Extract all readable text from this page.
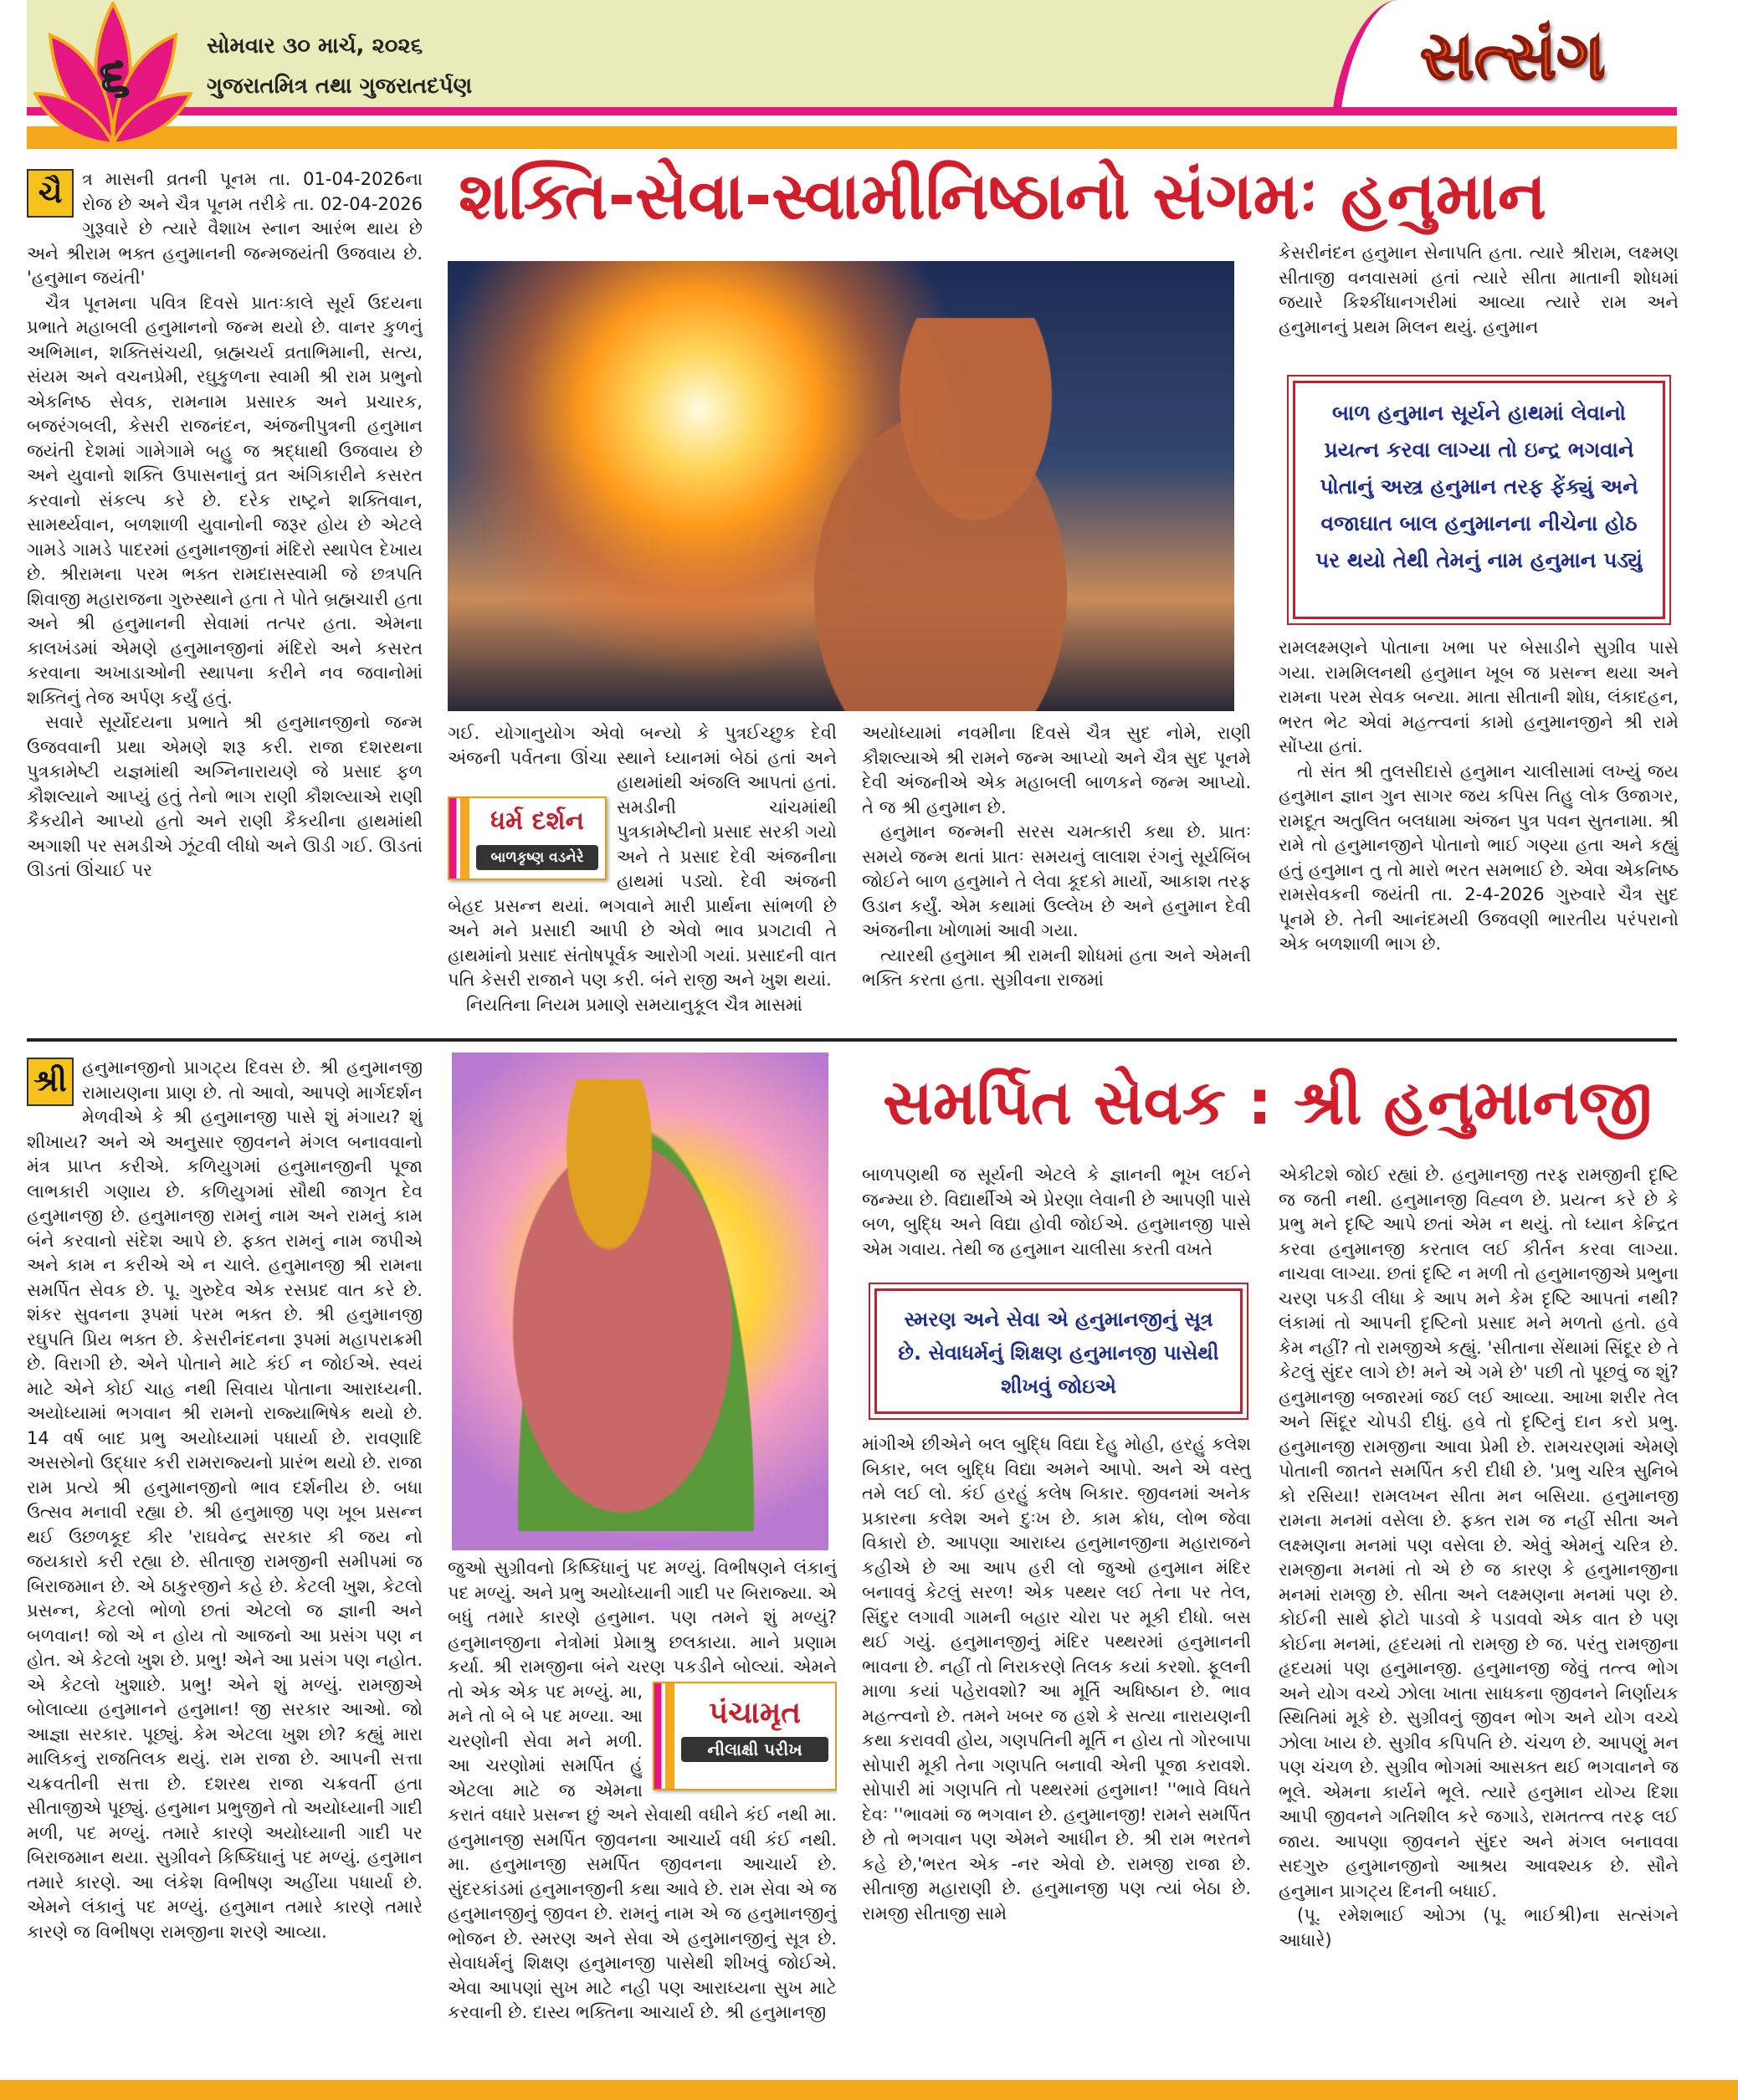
૬	સોમવાર ૩૦ માર્ચ, ૨૦૨૬
ગુજરાતમિત્ર તથા ગુજરાતદર્પણ	સત્સંગ
શક્તિ-સેવા-સ્વામીનિષ્ઠાનો સંગમઃ હનુમાન
ચૈ	ત્ર માસની વ્રતની પૂનમ તા. 01-04-2026ના રોજ છે અને ચૈત્ર પૂનમ તરીકે તા. 02-04-2026 ગુરૂવારે છે ત્યારે વૈશાખ સ્નાન આરંભ થાય છે અને શ્રીરામ ભક્ત હનુમાનની જન્મજયંતી ઉજવાય છે. 'હનુમાન જયંતી'

ચૈત્ર પૂનમના પવિત્ર દિવસે પ્રાતઃકાલે સૂર્ય ઉદયના પ્રભાતે મહાબલી હનુમાનનો જન્મ થયો છે. વાનર કુળનું અભિમાન, શક્તિસંચયી, બ્રહ્મચર્ય વ્રતાભિમાની, સત્ય, સંયમ અને વચનપ્રેમી, રઘુકુળના સ્વામી શ્રી રામ પ્રભુનો એકનિષ્ઠ સેવક, રામનામ પ્રસારક અને પ્રચારક, બજરંગબલી, કેસરી રાજનંદન, અંજનીપુત્રની હનુમાન જયંતી દેશમાં ગામેગામે બહુ જ શ્રદ્ધાથી ઉજવાય છે અને યુવાનો શક્તિ ઉપાસનાનું વ્રત અંગિકારીને કસરત કરવાનો સંકલ્પ કરે છે. દરેક રાષ્ટ્રને શક્તિવાન, સામર્થ્યવાન, બળશાળી યુવાનોની જરૂર હોય છે એટલે ગામડે ગામડે પાદરમાં હનુમાનજીનાં મંદિરો સ્થાપેલ દેખાય છે. શ્રીરામના પરમ ભક્ત રામદાસસ્વામી જે છત્રપતિ શિવાજી મહારાજના ગુરુસ્થાને હતા તે પોતે બ્રહ્મચારી હતા અને શ્રી હનુમાનની સેવામાં તત્પર હતા. એમના કાલખંડમાં એમણે હનુમાનજીનાં મંદિરો અને કસરત કરવાના અખાડાઓની સ્થાપના કરીને નવ જવાનોમાં શક્તિનું તેજ અર્પણ કર્યું હતું.

સવારે સૂર્યોદયના પ્રભાતે શ્રી હનુમાનજીનો જન્મ ઉજવવાની પ્રથા એમણે શરૂ કરી. રાજા દશરથના પુત્રકામેષ્ટી યજ્ઞમાંથી અગ્નિનારાયણે જે પ્રસાદ ફળ કૌશલ્યાને આપ્યું હતું તેનો ભાગ રાણી કૌશલ્યાએ રાણી કૈકયીને આપ્યો હતો અને રાણી કૈકયીના હાથમાંથી અગાશી પર સમડીએ ઝૂંટવી લીધો અને ઊડી ગઈ. ઊડતાં ઊડતાં ઊંચાઈ પર

ધર્મ દર્શન
બાળકૃષ્ણ વડનેરે

ગઈ. યોગાનુયોગ એવો બન્યો કે પુત્રઈચ્છુક દેવી અંજની પર્વતના ઊંચા સ્થાને ધ્યાનમાં બેઠાં હતાં અને હાથમાંથી અંજલિ આપતાં હતાં. સમડીની ચાંચમાંથી પુત્રકામેષ્ટીનો પ્રસાદ સરકી ગયો અને તે પ્રસાદ દેવી અંજનીના હાથમાં પડ્યો. દેવી અંજની બેહદ પ્રસન્ન થયાં. ભગવાને મારી પ્રાર્થના સાંભળી છે અને મને પ્રસાદી આપી છે એવો ભાવ પ્રગટાવી તે હાથમાંનો પ્રસાદ સંતોષપૂર્વક આરોગી ગયાં. પ્રસાદની વાત પતિ કેસરી રાજાને પણ કરી. બંને રાજી અને ખુશ થયાં.

નિયતિના નિયમ પ્રમાણે સમયાનુકૂલ ચૈત્ર માસમાં

અયોધ્યામાં નવમીના દિવસે ચૈત્ર સુદ નોમે, રાણી કૌશલ્યાએ શ્રી રામને જન્મ આપ્યો અને ચૈત્ર સુદ પૂનમે દેવી અંજનીએ એક મહાબલી બાળકને જન્મ આપ્યો. તે જ શ્રી હનુમાન છે.

હનુમાન જન્મની સરસ ચમત્કારી કથા છે. પ્રાતઃ સમયે જન્મ થતાં પ્રાતઃ સમયનું લાલાશ રંગનું સૂર્યબિંબ જોઈને બાળ હનુમાને તે લેવા કૂદકો માર્યો, આકાશ તરફ ઉડાન કર્યું. એમ કથામાં ઉલ્લેખ છે અને હનુમાન દેવી અંજનીના ખોળામાં આવી ગયા.

ત્યારથી હનુમાન શ્રી રામની શોધમાં હતા અને એમની ભક્તિ કરતા હતા. સુગ્રીવના રાજમાં

કેસરીનંદન હનુમાન સેનાપતિ હતા. ત્યારે શ્રીરામ, લક્ષ્મણ સીતાજી વનવાસમાં હતાં ત્યારે સીતા માતાની શોધમાં જયારે કિશ્કીંધાનગરીમાં આવ્યા ત્યારે રામ અને હનુમાનનું પ્રથમ મિલન થયું. હનુમાન

બાળ હનુમાન સૂર્યને હાથમાં લેવાનો પ્રયત્ન કરવા લાગ્યા તો ઇન્દ્ર ભગવાને પોતાનું અસ્ત્ર હનુમાન તરફ ફેંક્યું અને વજાઘાત બાલ હનુમાનના નીચેના હોઠ પર થયો તેથી તેમનું નામ હનુમાન પડ્યું

રામલક્ષ્મણને પોતાના ખભા પર બેસાડીને સુગ્રીવ પાસે ગયા. રામમિલનથી હનુમાન ખૂબ જ પ્રસન્ન થયા અને રામના પરમ સેવક બન્યા. માતા સીતાની શોધ, લંકાદહન, ભરત ભેટ એવાં મહત્ત્વનાં કામો હનુમાનજીને શ્રી રામે સોંપ્યા હતાં.

તો સંત શ્રી તુલસીદાસે હનુમાન ચાલીસામાં લખ્યું જય હનુમાન જ્ઞાન ગુન સાગર જય કપિસ તિહુ લોક ઉજાગર, રામદૂત અતુલિત બલધામા અંજન પુત્ર પવન સુતનામા. શ્રી રામે તો હનુમાનજીને પોતાનો ભાઈ ગણ્યા હતા અને કહ્યું હતું હનુમાન તુ તો મારો ભરત સમભાઈ છે. એવા એકનિષ્ઠ રામસેવકની જયંતી તા. 2-4-2026 ગુરુવારે ચૈત્ર સુદ પૂનમે છે. તેની આનંદમયી ઉજવણી ભારતીય પરંપરાનો એક બળશાળી ભાગ છે.

શ્રી હનુમાનજીનો પ્રાગટ્ય દિવસ છે. શ્રી હનુમાનજી રામાયણના પ્રાણ છે. તો આવો, આપણે માર્ગદર્શન મેળવીએ કે શ્રી હનુમાનજી પાસે શું મંગાય? શું શીખાય? અને એ અનુસાર જીવનને મંગલ બનાવવાનો મંત્ર પ્રાપ્ત કરીએ. કળિયુગમાં હનુમાનજીની પૂજા લાભકારી ગણાય છે. કળિયુગમાં સૌથી જાગૃત દેવ હનુમાનજી છે. હનુમાનજી રામનું નામ અને રામનું કામ બંને કરવાનો સંદેશ આપે છે. ફક્ત રામનું નામ જપીએ અને કામ ન કરીએ એ ન ચાલે. હનુમાનજી શ્રી રામના સમર્પિત સેવક છે. પૂ. ગુરુદેવ એક રસપ્રદ વાત કરે છે. શંકર સુવનના રૂપમાં પરમ ભક્ત છે. શ્રી હનુમાનજી રઘુપતિ પ્રિય ભક્ત છે. કેસરીનંદનના રૂપમાં મહાપરાક્રમી છે. વિરાગી છે. એને પોતાને માટે કંઈ ન જોઈએ. સ્વયં માટે એને કોઈ ચાહ નથી સિવાય પોતાના આરાધ્યની. અયોધ્યામાં ભગવાન શ્રી રામનો રાજ્યાભિષેક થયો છે. 14 વર્ષ બાદ પ્રભુ અયોધ્યામાં પધાર્યા છે. રાવણાદિ અસરુોનો ઉદ્ધાર કરી રામરાજ્યનો પ્રારંભ થયો છે. રાજા રામ પ્રત્યે શ્રી હનુમાનજીનો ભાવ દર્શનીય છે. બધા ઉત્સવ મનાવી રહ્યા છે. શ્રી હનુમાજી પણ ખૂબ પ્રસન્ન થઈ ઉછળકૂદ કીર 'રાઘવેન્દ્ર સરકાર કી જય નો જયકારો કરી રહ્યા છે. સીતાજી રામજીની સમીપમાં જ બિરાજમાન છે. એ ઠાકુરજીને કહે છે. કેટલી ખુશ, કેટલો પ્રસન્ન, કેટલો ભોળો છતાં એટલો જ જ્ઞાની અને બળવાન! જો એ ન હોય તો આજનો આ પ્રસંગ પણ ન હોત. એ કેટલો ખુશ છે. પ્રભુ! એને આ પ્રસંગ પણ નહોત. એ કેટલો ખુશાછે. પ્રભુ! એને શું મળ્યું. રામજીએ બોલાવ્યા હનુમાનને હનુમાન! જી સરકાર આઓ. જો આજ્ઞા સરકાર. પૂછ્યું. કેમ એટલા ખુશ છો? કહ્યું મારા માલિકનું રાજતિલક થયું. રામ રાજા છે. આપની સત્તા ચક્રવતીની સત્તા છે. દશરથ રાજા ચક્રવર્તી હતા સીતાજીએ પૂછ્યું. હનુમાન પ્રભુજીને તો અયોધ્યાની ગાદી મળી, પદ મળ્યું. તમારે કારણે અયોધ્યાની ગાદી પર બિરાજમાન થયા. સુગ્રીવને કિષ્કિંધાનું પદ મળ્યું. હનુમાન તમારે કારણે. આ લંકેશ વિભીષણ અહીંયા પધાર્યા છે. એમને લંકાનું પદ મળ્યું. હનુમાન તમારે કારણે તમારે કારણે જ વિભીષણ રામજીના શરણે આવ્યા.

સમર્પિત સેવક : શ્રી હનુમાનજી
પંચામૃત
નીલાક્ષી પરીખ

જુઓ સુગ્રીવનો કિષ્કિંધાનું પદ મળ્યું. વિભીષણને લંકાનું પદ મળ્યું. અને પ્રભુ અયોધ્યાની ગાદી પર બિરાજ્યા. એ બધું તમારે કારણે હનુમાન. પણ તમને શું મળ્યું? હનુમાનજીના નેત્રોમાં પ્રેમાશ્રુ છલકાયા. માને પ્રણામ કર્યા. શ્રી રામજીના બંને ચરણ પકડીને બોલ્યાં. એમને તો એક એક પદ મળ્યું. મા, મને તો બે બે પદ મળ્યા. આ ચરણોની સેવા મને મળી. આ ચરણોમાં સમર્પિત હું એટલા માટે જ એમના કરાતં વધારે પ્રસન્ન છું અને સેવાથી વધીને કંઈ નથી મા. હનુમાનજી સમર્પિત જીવનના આચાર્ય વધી કંઈ નથી. મા. હનુમાનજી સમર્પિત જીવનના આચાર્ય છે. સુંદરકાંડમાં હનુમાનજીની કથા આવે છે. રામ સેવા એ જ હનુમાનજીનું જીવન છે. રામનું નામ એ જ હનુમાનજીનું ભોજન છે. સ્મરણ અને સેવા એ હનુમાનજીનું સૂત્ર છે. સેવાધર્મનું શિક્ષણ હનુમાનજી પાસેથી શીખવું જોઈએ. એવા આપણાં સુખ માટે નહી પણ આરાધ્યના સુખ માટે કરવાની છે. દાસ્ય ભક્તિના આચાર્ય છે. શ્રી હનુમાનજી

બાળપણથી જ સૂર્યની એટલે કે જ્ઞાનની ભૂખ લઈને જન્મ્યા છે. વિદ્યાર્થીએ એ પ્રેરણા લેવાની છે આપણી પાસે બળ, બુદ્ધિ અને વિદ્યા હોવી જોઈએ. હનુમાનજી પાસે એમ ગવાય. તેથી જ હનુમાન ચાલીસા કરતી વખતે

સ્મરણ અને સેવા એ હનુમાનજીનું સૂત્ર છે. સેવાધર્મનું શિક્ષણ હનુમાનજી પાસેથી શીખવું જોઇએ

માંગીએ છીએને બલ બુદ્ધિ વિદ્યા દેહુ મોહી, હરહું કલેશ બિકાર, બલ બુદ્ધિ વિદ્યા અમને આપો. અને એ વસ્તુ તમે લઈ લો. કંઈ હરહું કલેષ બિકાર. જીવનમાં અનેક પ્રકારના કલેશ અને દુઃખ છે. કામ ક્રોધ, લોભ જેવા વિકારો છે. આપણા આરાધ્ય હનુમાનજીના મહારાજને કહીએ છે આ આપ હરી લો જુઓ હનુમાન મંદિર બનાવવું કેટલું સરળ! એક પથ્થર લઈ તેના પર તેલ, સિંદુર લગાવી ગામની બહાર ચોરા પર મૂકી દીધો. બસ થઈ ગયું. હનુમાનજીનું મંદિર પથ્થરમાં હનુમાનની ભાવના છે. નહીં તો નિરાકરણે તિલક કયાં કરશો. ફૂલની માળા કયાં પહેરાવશો? આ મૂર્તિ અધિષ્ઠાન છે. ભાવ મહત્ત્વનો છે. તમને ખબર જ હશે કે સત્યા નારાયણની કથા કરાવવી હોય, ગણપતિની મૂર્તિ ન હોય તો ગોરબાપા સોપારી મૂકી તેના ગણપતિ બનાવી એની પૂજા કરાવશે. સોપારી માં ગણપતિ તો પથ્થરમાં હનુમાન! ''ભાવે વિધતે દેવઃ ''ભાવમાં જ ભગવાન છે. હનુમાનજી! રામને સમર્પિત છે તો ભગવાન પણ એમને આધીન છે. શ્રી રામ ભરતને કહે છે,'ભરત એક -નર એવો છે. રામજી રાજા છે. સીતાજી મહારાણી છે. હનુમાનજી પણ ત્યાં બેઠા છે. રામજી સીતાજી સામે

એકીટશે જોઈ રહ્યાં છે. હનુમાનજી તરફ રામજીની દૃષ્ટિ જ જતી નથી. હનુમાનજી વિહ્વળ છે. પ્રયત્ન કરે છે કે પ્રભુ મને દૃષ્ટિ આપે છતાં એમ ન થયું. તો ધ્યાન કેન્દ્રિત કરવા હનુમાનજી કરતાલ લઈ કીર્તન કરવા લાગ્યા. નાચવા લાગ્યા. છતાં દૃષ્ટિ ન મળી તો હનુમાનજીએ પ્રભુના ચરણ પકડી લીધા કે આપ મને કેમ દૃષ્ટિ આપતાં નથી? લંકામાં તો આપની દૃષ્ટિનો પ્રસાદ મને મળતો હતો. હવે કેમ નહીં? તો રામજીએ કહ્યું. 'સીતાના સેંથામાં સિંદૂર છે તે કેટલું સુંદર લાગે છે! મને એ ગમે છે' પછી તો પૂછવું જ શું? હનુમાનજી બજારમાં જઈ લઈ આવ્યા. આખા શરીર તેલ અને સિંદૂર ચોપડી દીધું. હવે તો દૃષ્ટિનું દાન કરો પ્રભુ. હનુમાનજી રામજીના આવા પ્રેમી છે. રામચરણમાં એમણે પોતાની જાતને સમર્પિત કરી દીધી છે. 'પ્રભુ ચરિત્ર સુનિબે કો રસિયા! રામલખન સીતા મન બસિયા. હનુમાનજી રામના મનમાં વસેલા છે. ફક્ત રામ જ નહીં સીતા અને લક્ષ્મણના મનમાં પણ વસેલા છે. એવું એમનું ચરિત્ર છે. રામજીના મનમાં તો એ છે જ કારણ કે હનુમાનજીના મનમાં રામજી છે. સીતા અને લક્ષ્મણના મનમાં પણ છે. કોઈની સાથે ફોટો પાડવો કે પડાવવો એક વાત છે પણ કોઈના મનમાં, હૃદયમાં તો રામજી છે જ. પરંતુ રામજીના હૃદયમાં પણ હનુમાનજી. હનુમાનજી જેવું તત્ત્વ ભોગ અને યોગ વચ્ચે ઝોલા ખાતા સાધકના જીવનને નિર્ણાયક સ્થિતિમાં મૂકે છે. સુગ્રીવનું જીવન ભોગ અને યોગ વચ્ચે ઝોલા ખાય છે. સુગ્રીવ કપિપતિ છે. ચંચળ છે. આપણું મન પણ ચંચળ છે. સુગ્રીવ ભોગમાં આસક્ત થઈ ભગવાનને જ ભૂલે. એમના કાર્યને ભૂલે. ત્યારે હનુમાન યોગ્ય દિશા આપી જીવનને ગતિશીલ કરે જગાડે, રામતત્ત્વ તરફ લઈ જાય. આપણા જીવનને સુંદર અને મંગલ બનાવવા સદગુરુ હનુમાનજીનો આશ્રય આવશ્યક છે. સૌને હનુમાન પ્રાગટ્ય દિનની બધાઈ.

(પૂ. રમેશભાઈ ઓઝા (પૂ. ભાઈશ્રી)ના સત્સંગને આધારે)
